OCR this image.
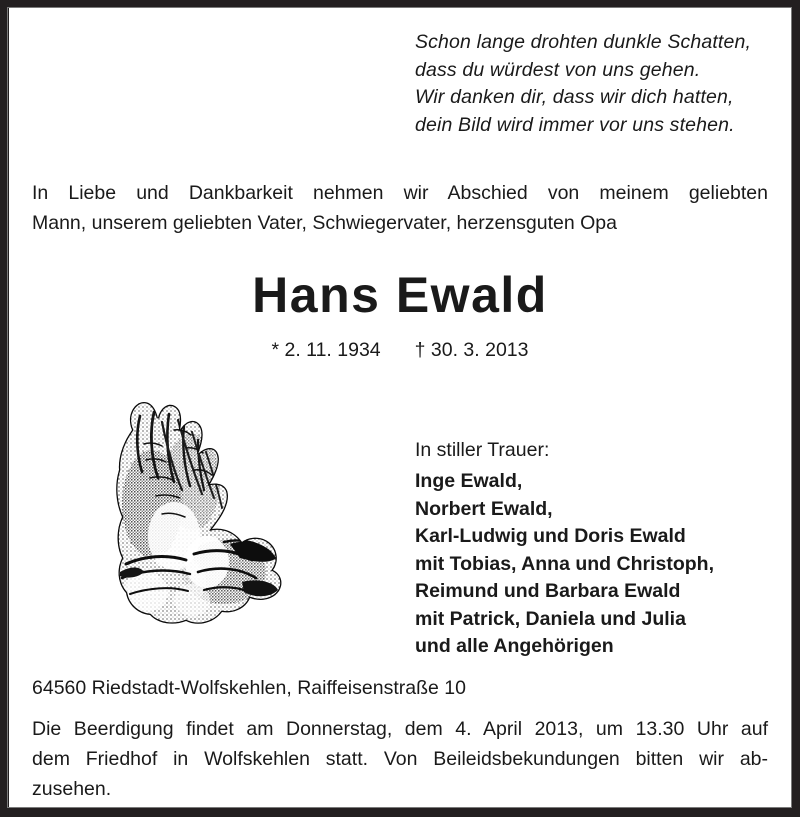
Schon lange drohten dunkle Schatten,
dass du würdest von uns gehen.
Wir danken dir, dass wir dich hatten,
dein Bild wird immer vor uns stehen.
In Liebe und Dankbarkeit nehmen wir Abschied von meinem geliebten
Mann, unserem geliebten Vater, Schwiegervater, herzensguten Opa
Hans Ewald
* 2. 11. 1934 † 30. 3. 2013
In stiller Trauer:
Inge Ewald,
Norbert Ewald,
Karl-Ludwig und Doris Ewald
mit Tobias, Anna und Christoph,
Reimund und Barbara Ewald
mit Patrick, Daniela und Julia
und alle Angehörigen
64560 Riedstadt-Wolfskehlen, Raiffeisenstraße 10
Die Beerdigung findet am Donnerstag, dem 4. April 2013, um 13.30 Uhr auf
dem Friedhof in Wolfskehlen statt. Von Beileidsbekundungen bitten wir ab-
zusehen.
